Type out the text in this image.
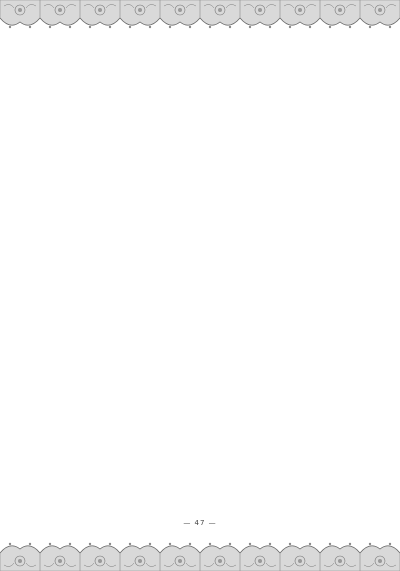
— 47 —
